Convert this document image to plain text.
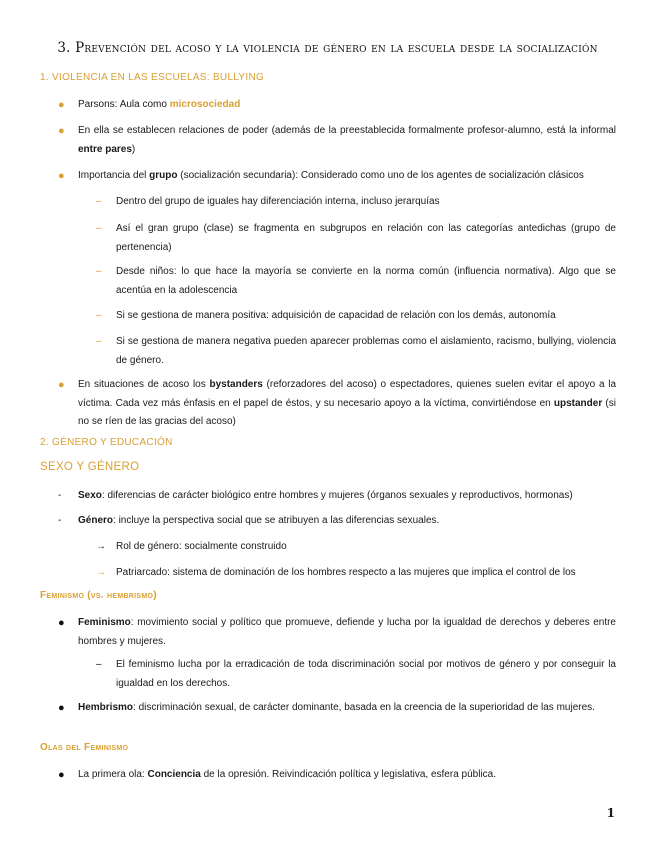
3. Prevención del acoso y la violencia de género en la escuela desde la socialización
1. VIOLENCIA EN LAS ESCUELAS: BULLYING
● Parsons: Aula como microsociedad
● En ella se establecen relaciones de poder (además de la preestablecida formalmente profesor-alumno, está la informal entre pares)
● Importancia del grupo (socialización secundaria): Considerado como uno de los agentes de socialización clásicos
– Dentro del grupo de iguales hay diferenciación interna, incluso jerarquías
– Así el gran grupo (clase) se fragmenta en subgrupos en relación con las categorías antedichas (grupo de pertenencia)
– Desde niños: lo que hace la mayoría se convierte en la norma común (influencia normativa). Algo que se acentúa en la adolescencia
– Si se gestiona de manera positiva: adquisición de capacidad de relación con los demás, autonomía
– Si se gestiona de manera negativa pueden aparecer problemas como el aislamiento, racismo, bullying, violencia de género.
● En situaciones de acoso los bystanders (reforzadores del acoso) o espectadores, quienes suelen evitar el apoyo a la víctima. Cada vez más énfasis en el papel de éstos, y su necesario apoyo a la víctima, convirtiéndose en upstander (si no se ríen de las gracias del acoso)
2. GÉNERO Y EDUCACIÓN
SEXO Y GÉNERO
- Sexo: diferencias de carácter biológico entre hombres y mujeres (órganos sexuales y reproductivos, hormonas)
- Género: incluye la perspectiva social que se atribuyen a las diferencias sexuales.
→ Rol de género: socialmente construido
→ Patriarcado: sistema de dominación de los hombres respecto a las mujeres que implica el control de los
Feminismo (vs. hembrismo)
● Feminismo: movimiento social y político que promueve, defiende y lucha por la igualdad de derechos y deberes entre hombres y mujeres.
– El feminismo lucha por la erradicación de toda discriminación social por motivos de género y por conseguir la igualdad en los derechos.
● Hembrismo: discriminación sexual, de carácter dominante, basada en la creencia de la superioridad de las mujeres.
Olas del Feminismo
● La primera ola: Conciencia de la opresión. Reivindicación política y legislativa, esfera pública.
1
